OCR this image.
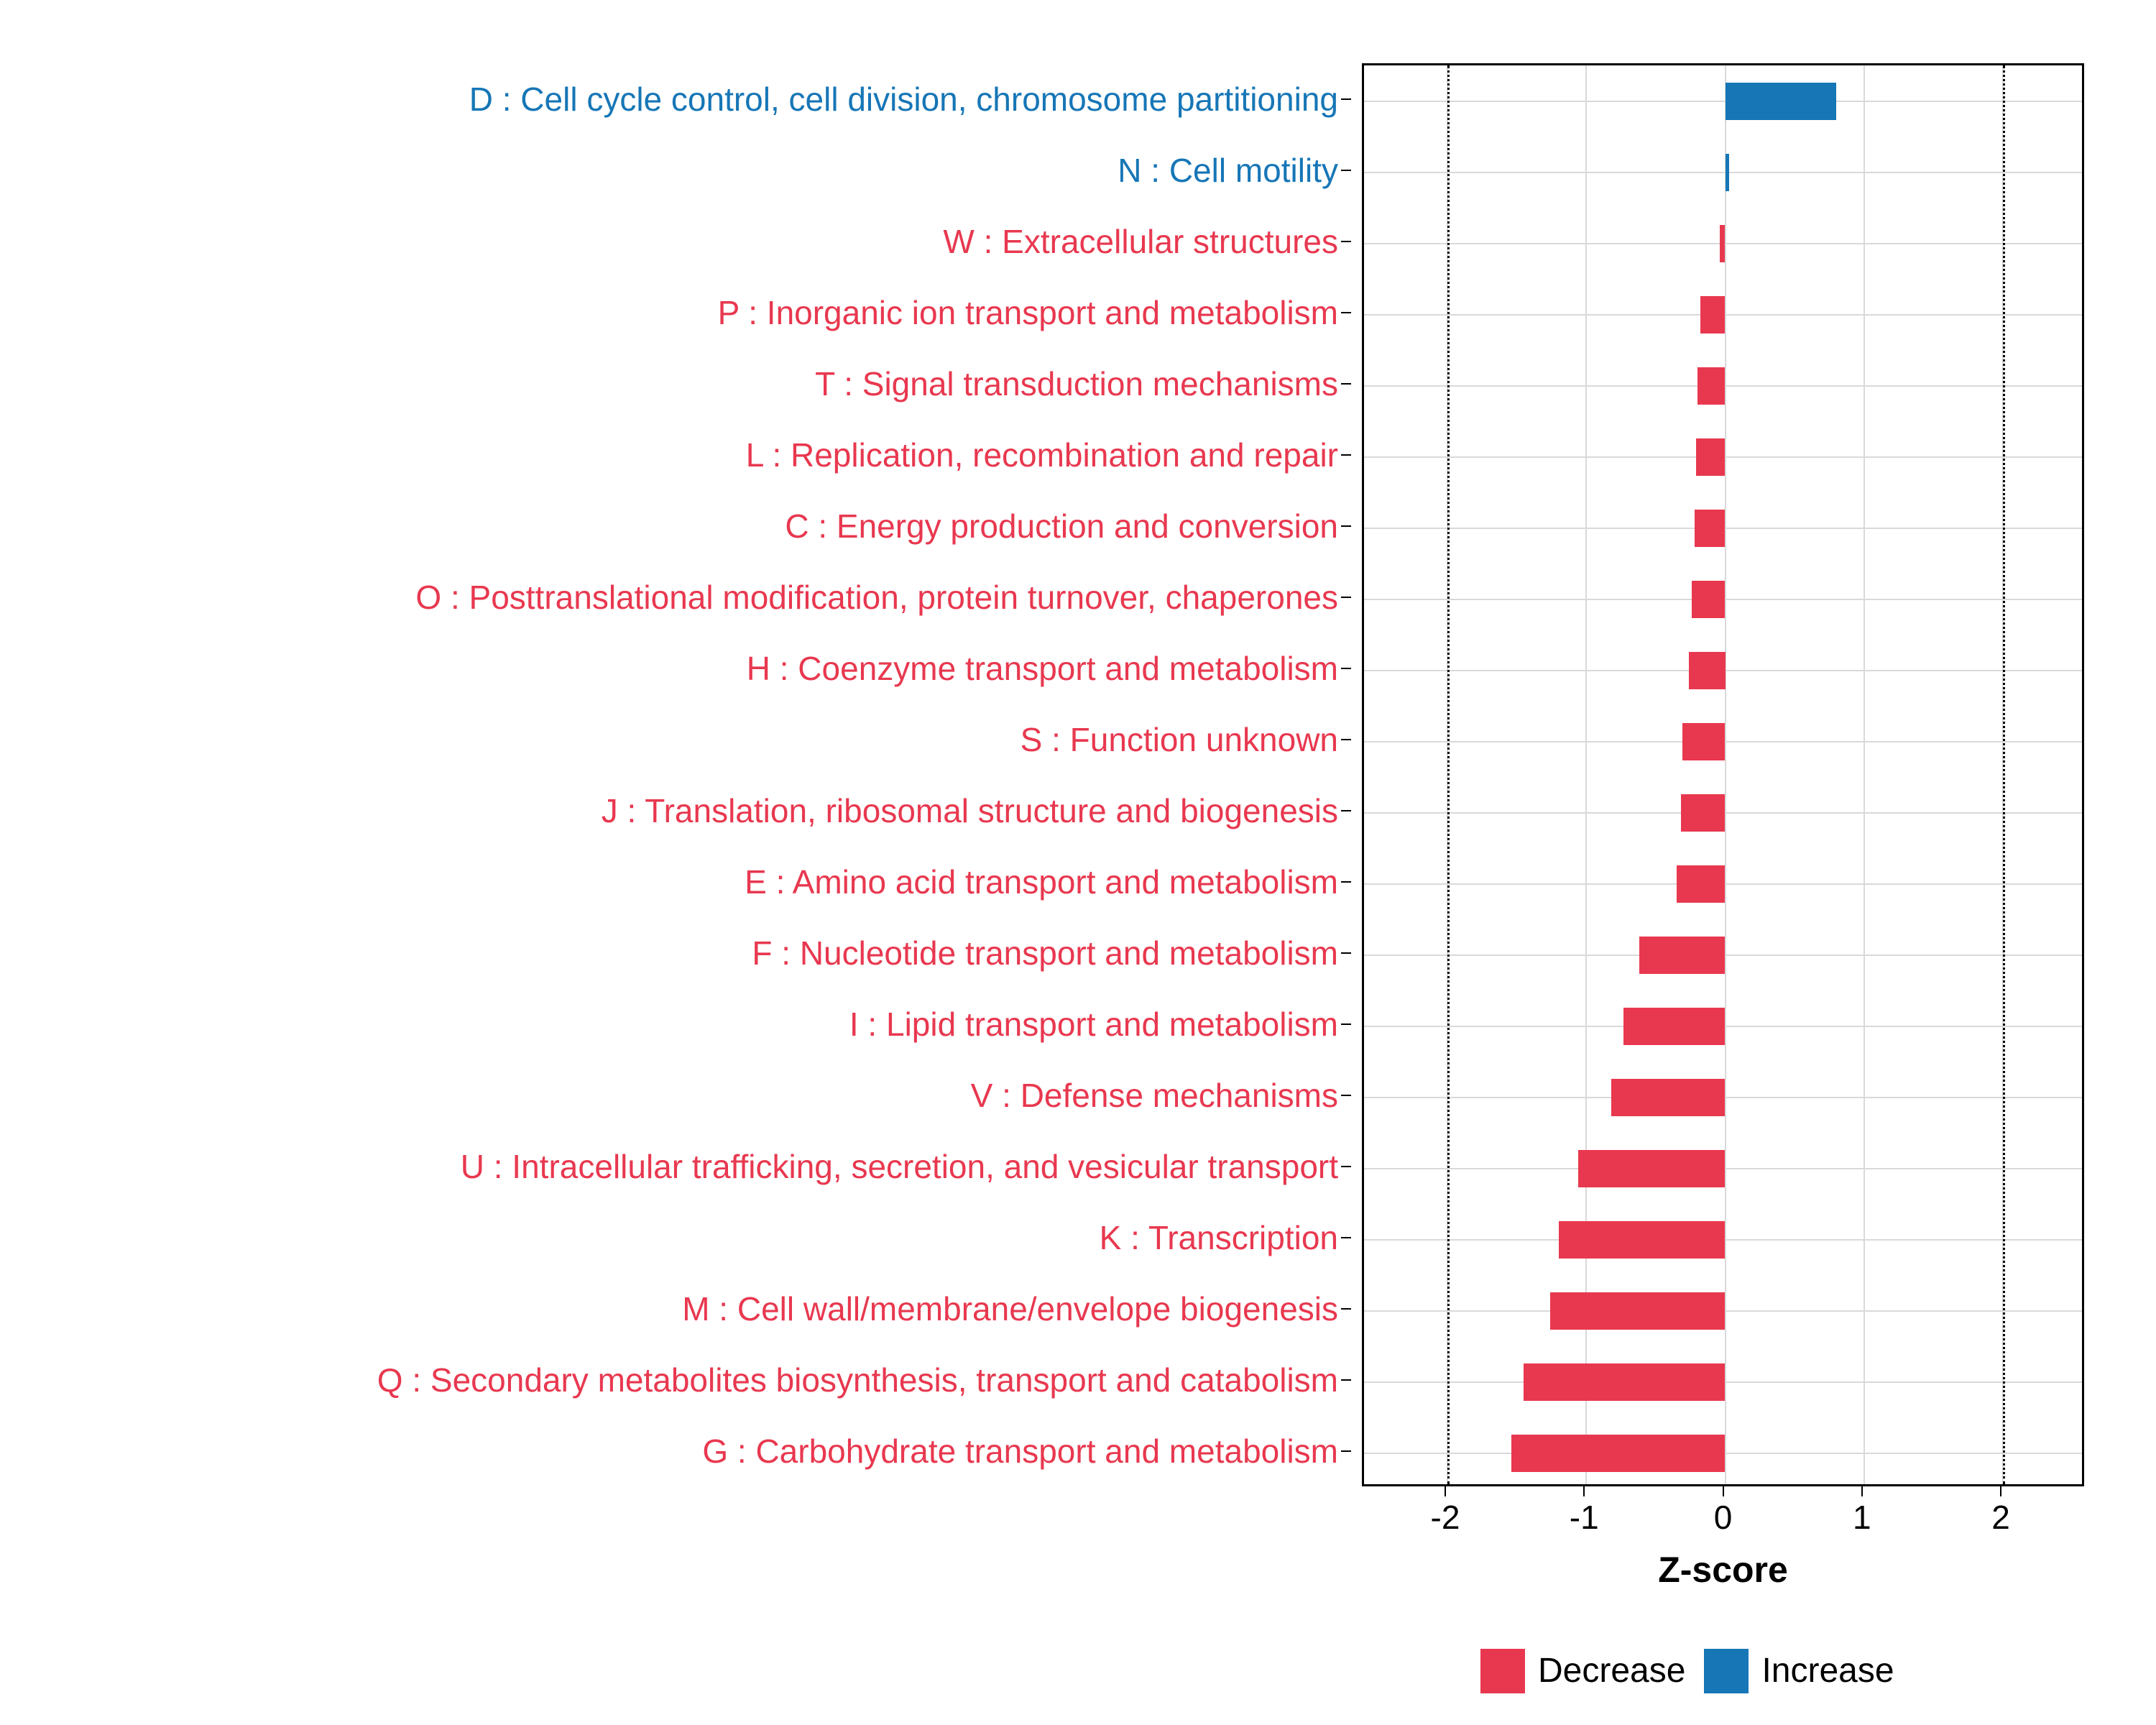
D : Cell cycle control, cell division, chromosome partitioning
N : Cell motility
W : Extracellular structures
P : Inorganic ion transport and metabolism
T : Signal transduction mechanisms
L : Replication, recombination and repair
C : Energy production and conversion
O : Posttranslational modification, protein turnover, chaperones
H : Coenzyme transport and metabolism
S : Function unknown
J : Translation, ribosomal structure and biogenesis
E : Amino acid transport and metabolism
F : Nucleotide transport and metabolism
I : Lipid transport and metabolism
V : Defense mechanisms
U : Intracellular trafficking, secretion, and vesicular transport
K : Transcription
M : Cell wall/membrane/envelope biogenesis
Q : Secondary metabolites biosynthesis, transport and catabolism
G : Carbohydrate transport and metabolism
-2	-1	0	1	2
Z-score
Decrease Increase
